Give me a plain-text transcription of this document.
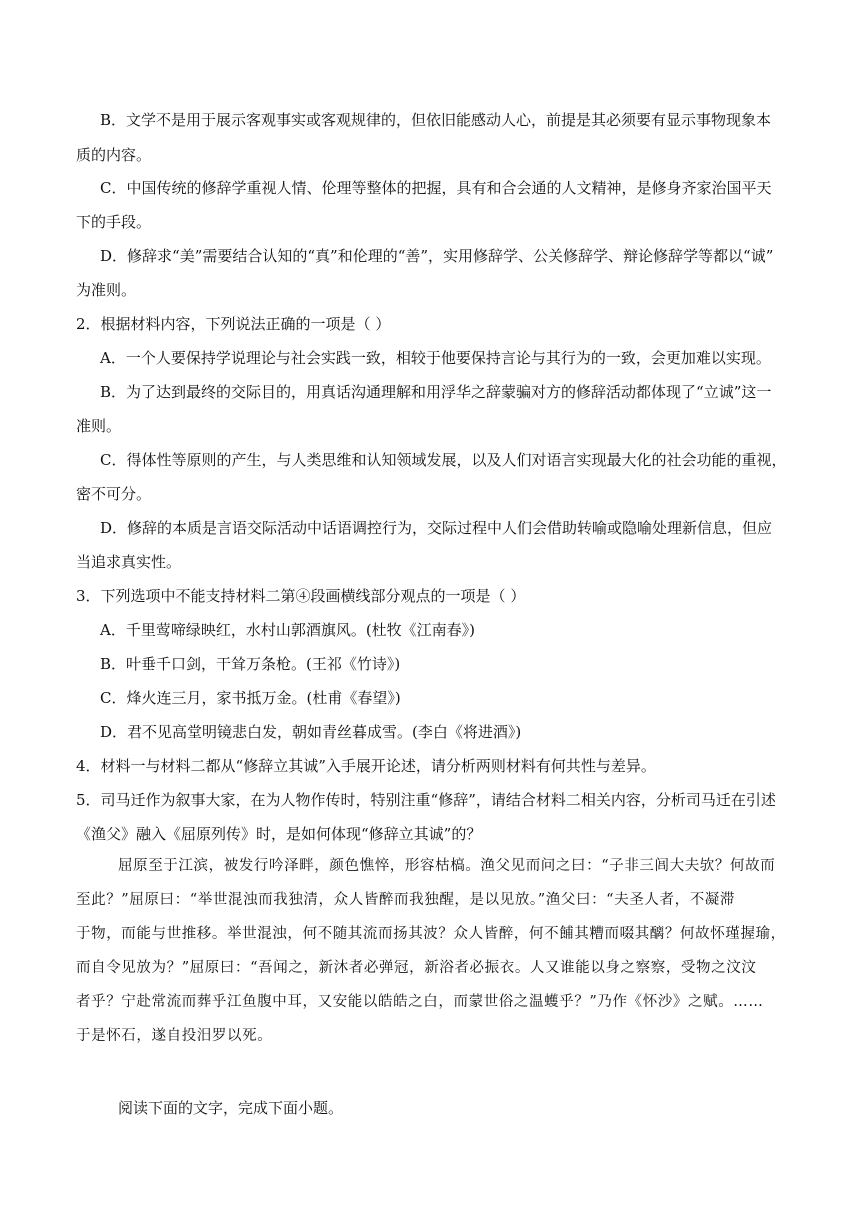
B．文学不是用于展示客观事实或客观规律的，但依旧能感动人心，前提是其必须要有显示事物现象本
质的内容。
C．中国传统的修辞学重视人情、伦理等整体的把握，具有和合会通的人文精神，是修身齐家治国平天
下的手段。
D．修辞求“美”需要结合认知的“真”和伦理的“善”，实用修辞学、公关修辞学、辩论修辞学等都以“诚”
为准则。
2．根据材料内容，下列说法正确的一项是（ ）
A．一个人要保持学说理论与社会实践一致，相较于他要保持言论与其行为的一致，会更加难以实现。
B．为了达到最终的交际目的，用真话沟通理解和用浮华之辞蒙骗对方的修辞活动都体现了“立诚”这一
准则。
C．得体性等原则的产生，与人类思维和认知领域发展，以及人们对语言实现最大化的社会功能的重视，
密不可分。
D．修辞的本质是言语交际活动中话语调控行为，交际过程中人们会借助转喻或隐喻处理新信息，但应
当追求真实性。
3．下列选项中不能支持材料二第④段画横线部分观点的一项是（ ）
A．千里莺啼绿映红，水村山郭酒旗风。(杜牧《江南春》)
B．叶垂千口剑，干耸万条枪。(王祁《竹诗》)
C．烽火连三月，家书抵万金。(杜甫《春望》)
D．君不见高堂明镜悲白发，朝如青丝暮成雪。(李白《将进酒》)
4．材料一与材料二都从“修辞立其诚”入手展开论述，请分析两则材料有何共性与差异。
5．司马迁作为叙事大家，在为人物作传时，特别注重“修辞”，请结合材料二相关内容，分析司马迁在引述
《渔父》融入《屈原列传》时，是如何体现“修辞立其诚”的？
屈原至于江滨，被发行吟泽畔，颜色憔悴，形容枯槁。渔父见而问之曰：“子非三闾大夫欤？何故而
至此？”屈原曰：“举世混浊而我独清，众人皆醉而我独醒，是以见放。”渔父曰：“夫圣人者，不凝滞
于物，而能与世推移。举世混浊，何不随其流而扬其波？众人皆醉，何不餔其糟而啜其醨？何故怀瑾握瑜，
而自令见放为？”屈原曰：“吾闻之，新沐者必弹冠，新浴者必振衣。人又谁能以身之察察，受物之汶汶
者乎？宁赴常流而葬乎江鱼腹中耳，又安能以皓皓之白，而蒙世俗之温蠖乎？”乃作《怀沙》之赋。……
于是怀石，遂自投汨罗以死。
阅读下面的文字，完成下面小题。
